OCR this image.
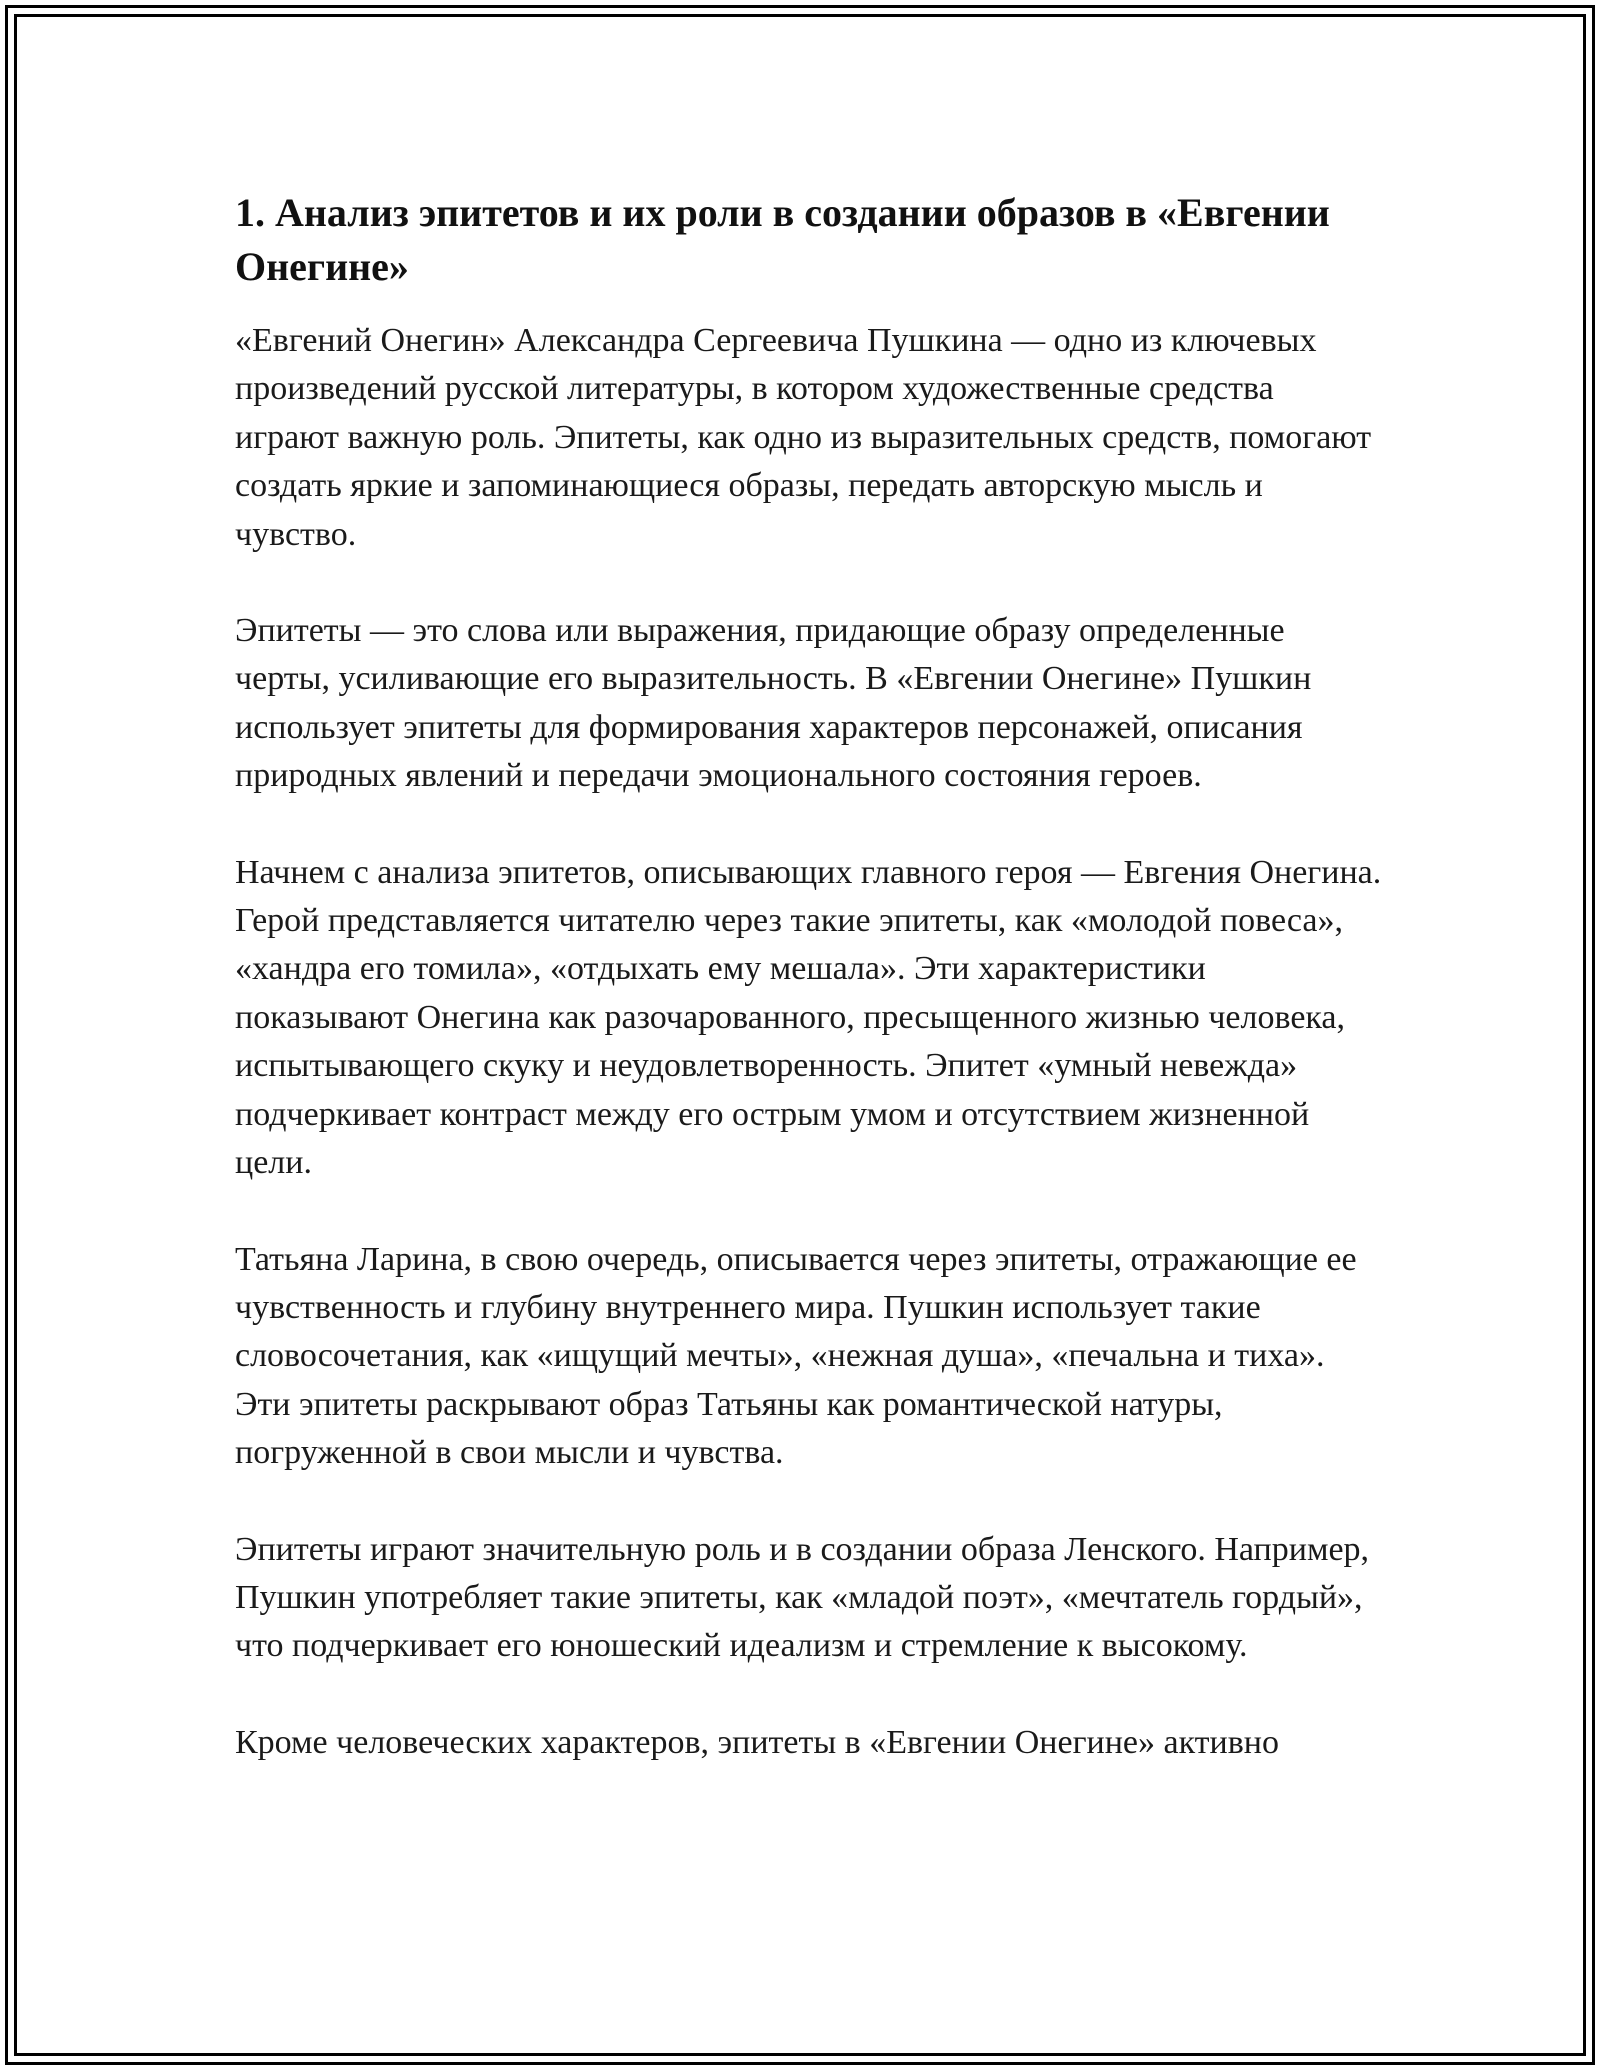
1. Анализ эпитетов и их роли в создании образов в «Евгении Онегине»

«Евгений Онегин» Александра Сергеевича Пушкина — одно из ключевых произведений русской литературы, в котором художественные средства играют важную роль. Эпитеты, как одно из выразительных средств, помогают создать яркие и запоминающиеся образы, передать авторскую мысль и чувство.

Эпитеты — это слова или выражения, придающие образу определенные черты, усиливающие его выразительность. В «Евгении Онегине» Пушкин использует эпитеты для формирования характеров персонажей, описания природных явлений и передачи эмоционального состояния героев.

Начнем с анализа эпитетов, описывающих главного героя — Евгения Онегина. Герой представляется читателю через такие эпитеты, как «молодой повеса», «хандра его томила», «отдыхать ему мешала». Эти характеристики показывают Онегина как разочарованного, пресыщенного жизнью человека, испытывающего скуку и неудовлетворенность. Эпитет «умный невежда» подчеркивает контраст между его острым умом и отсутствием жизненной цели.

Татьяна Ларина, в свою очередь, описывается через эпитеты, отражающие ее чувственность и глубину внутреннего мира. Пушкин использует такие словосочетания, как «ищущий мечты», «нежная душа», «печальна и тиха». Эти эпитеты раскрывают образ Татьяны как романтической натуры, погруженной в свои мысли и чувства.

Эпитеты играют значительную роль и в создании образа Ленского. Например, Пушкин употребляет такие эпитеты, как «младой поэт», «мечтатель гордый», что подчеркивает его юношеский идеализм и стремление к высокому.

Кроме человеческих характеров, эпитеты в «Евгении Онегине» активно
